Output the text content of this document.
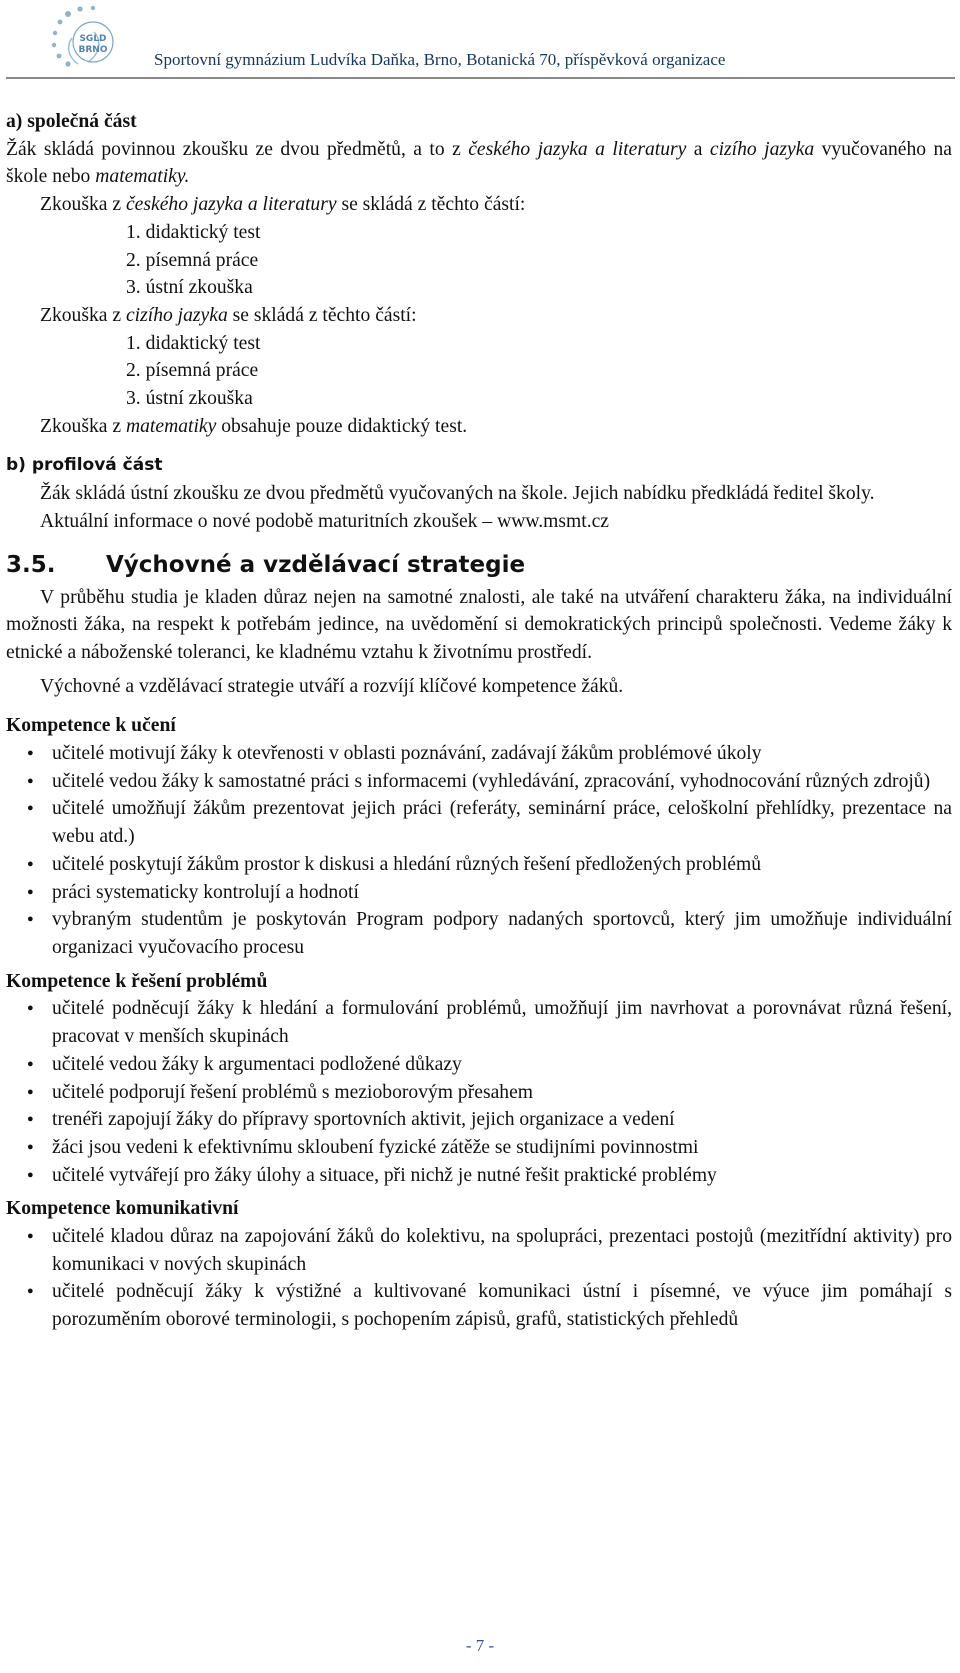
SGLD
BRNO	Sportovní gymnázium Ludvíka Daňka, Brno, Botanická 70, příspěvková organizace

a) společná část

Žák skládá povinnou zkoušku ze dvou předmětů, a to z českého jazyka a literatury a cizího jazyka vyučovaného na škole nebo matematiky.

Zkouška z českého jazyka a literatury se skládá z těchto částí:

1. didaktický test

2. písemná práce

3. ústní zkouška

Zkouška z cizího jazyka se skládá z těchto částí:

1. didaktický test

2. písemná práce

3. ústní zkouška

Zkouška z matematiky obsahuje pouze didaktický test.

b) profilová část

Žák skládá ústní zkoušku ze dvou předmětů vyučovaných na škole. Jejich nabídku předkládá ředitel školy.

Aktuální informace o nové podobě maturitních zkoušek – www.msmt.cz

3.5. Výchovné a vzdělávací strategie

V průběhu studia je kladen důraz nejen na samotné znalosti, ale také na utváření charakteru žáka, na individuální možnosti žáka, na respekt k potřebám jedince, na uvědomění si demokratických principů společnosti. Vedeme žáky k etnické a náboženské toleranci, ke kladnému vztahu k životnímu prostředí.

Výchovné a vzdělávací strategie utváří a rozvíjí klíčové kompetence žáků.

Kompetence k učení

● učitelé motivují žáky k otevřenosti v oblasti poznávání, zadávají žákům problémové úkoly
● učitelé vedou žáky k samostatné práci s informacemi (vyhledávání, zpracování, vyhodnocování různých zdrojů)
● učitelé umožňují žákům prezentovat jejich práci (referáty, seminární práce, celoškolní přehlídky, prezentace na webu atd.)
● učitelé poskytují žákům prostor k diskusi a hledání různých řešení předložených problémů
● práci systematicky kontrolují a hodnotí
● vybraným studentům je poskytován Program podpory nadaných sportovců, který jim umožňuje individuální organizaci vyučovacího procesu

Kompetence k řešení problémů

● učitelé podněcují žáky k hledání a formulování problémů, umožňují jim navrhovat a porovnávat různá řešení, pracovat v menších skupinách
● učitelé vedou žáky k argumentaci podložené důkazy
● učitelé podporují řešení problémů s mezioborovým přesahem
● trenéři zapojují žáky do přípravy sportovních aktivit, jejich organizace a vedení
● žáci jsou vedeni k efektivnímu skloubení fyzické zátěže se studijními povinnostmi
● učitelé vytvářejí pro žáky úlohy a situace, při nichž je nutné řešit praktické problémy

Kompetence komunikativní

● učitelé kladou důraz na zapojování žáků do kolektivu, na spolupráci, prezentaci postojů (mezitřídní aktivity) pro komunikaci v nových skupinách
● učitelé podněcují žáky k výstižné a kultivované komunikaci ústní i písemné, ve výuce jim pomáhají s porozuměním oborové terminologii, s pochopením zápisů, grafů, statistických přehledů
- 7 -
